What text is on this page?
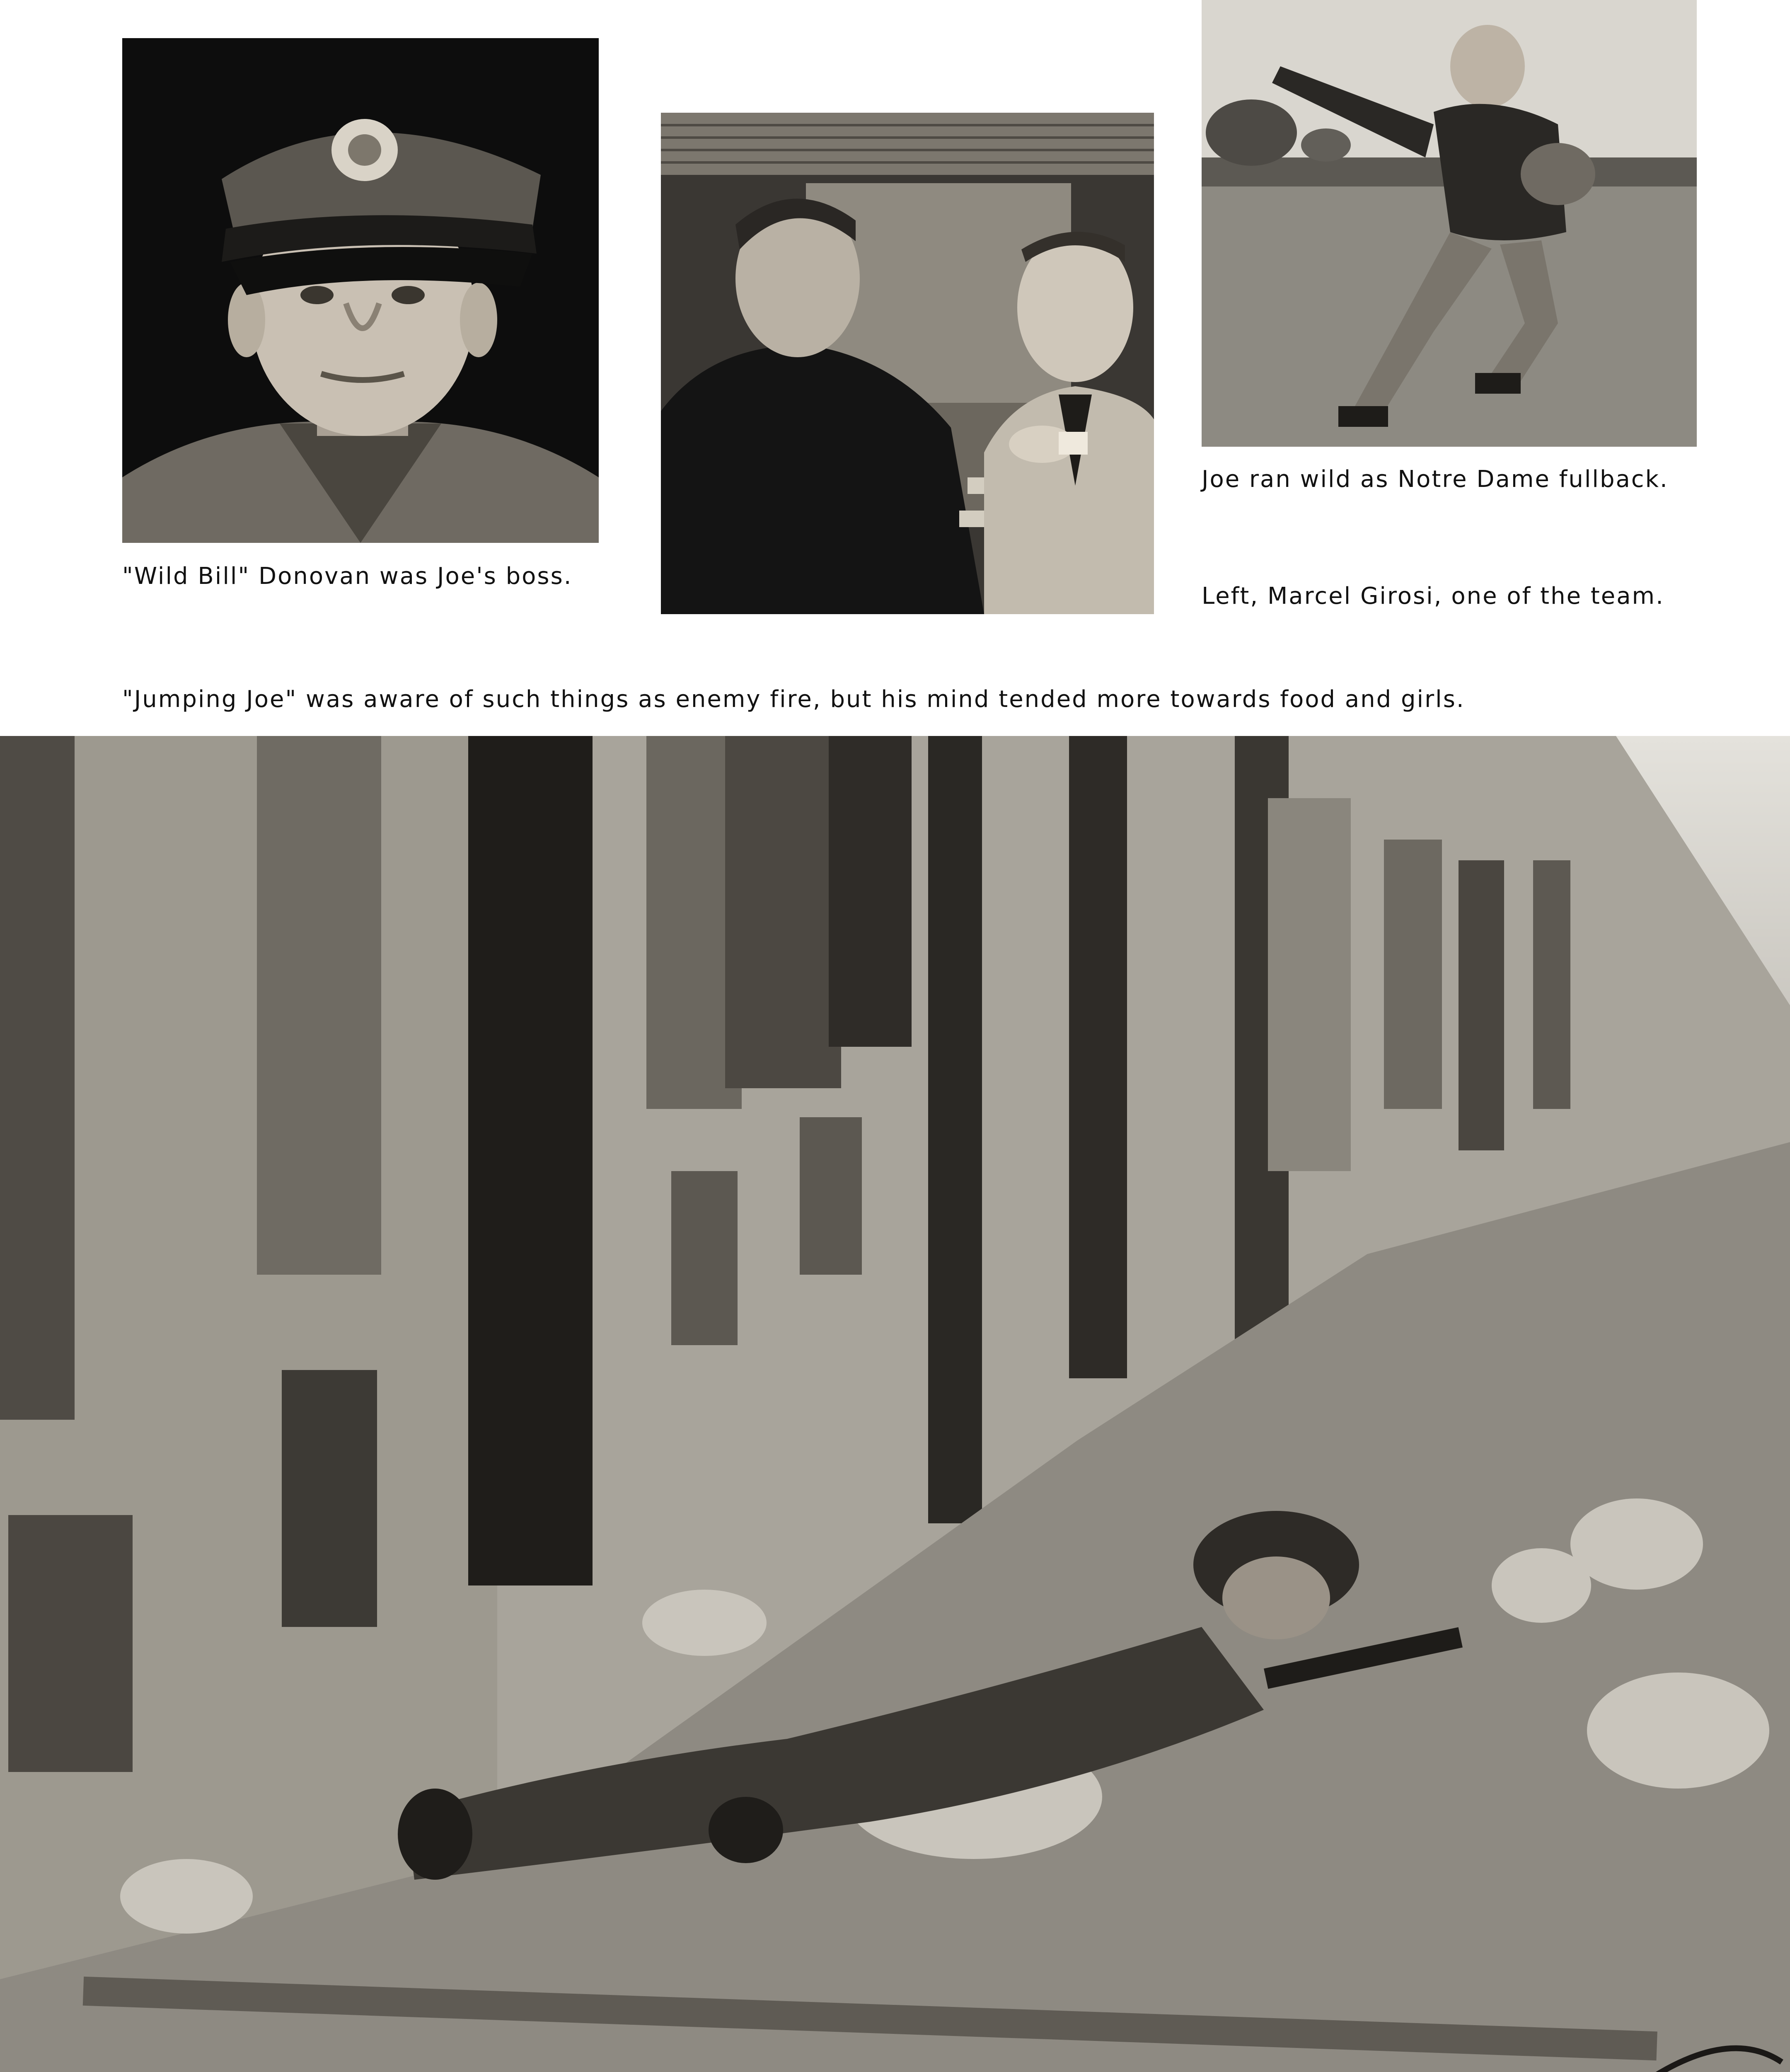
"Wild Bill" Donovan was Joe's boss.
Left, Marcel Girosi, one of the team.
Joe ran wild as Notre Dame fullback.
"Jumping Joe" was aware of such things as enemy fire, but his mind tended more towards food and girls.
